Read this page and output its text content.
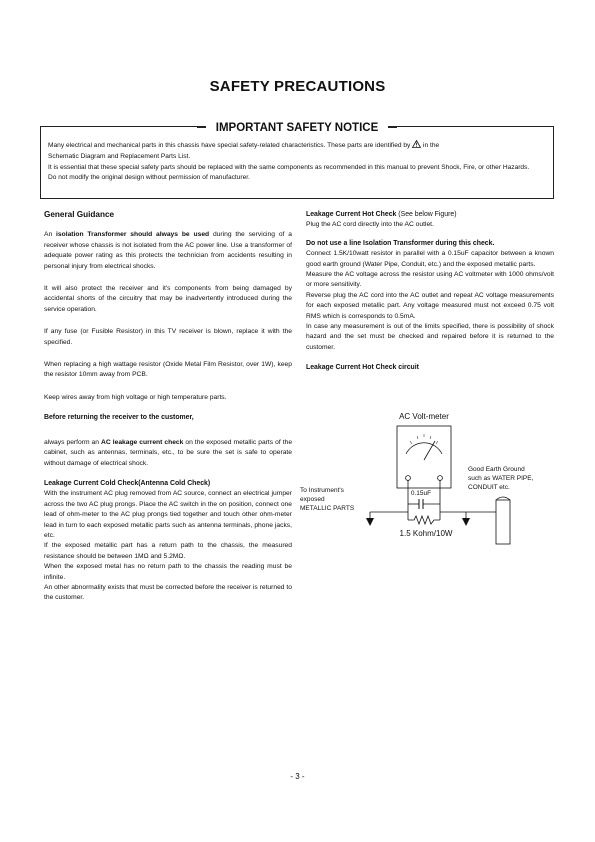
SAFETY PRECAUTIONS
IMPORTANT SAFETY NOTICE

Many electrical and mechanical parts in this chassis have special safety-related characteristics. These parts are identified by in the

Schematic Diagram and Replacement Parts List.

It is essential that these special safety parts should be replaced with the same components as recommended in this manual to prevent Shock, Fire, or other Hazards.

Do not modify the original design without permission of manufacturer.

General Guidance

An isolation Transformer should always be used during the servicing of a receiver whose chassis is not isolated from the AC power line. Use a transformer of adequate power rating as this protects the technician from accidents resulting in personal injury from electrical shocks.

It will also protect the receiver and it's components from being damaged by accidental shorts of the circuitry that may be inadvertently introduced during the service operation.

If any fuse (or Fusible Resistor) in this TV receiver is blown, replace it with the specified.

When replacing a high wattage resistor (Oxide Metal Film Resistor, over 1W), keep the resistor 10mm away from PCB.

Keep wires away from high voltage or high temperature parts.

Before returning the receiver to the customer,

always perform an AC leakage current check on the exposed metallic parts of the cabinet, such as antennas, terminals, etc., to be sure the set is safe to operate without damage of electrical shock.

Leakage Current Cold Check(Antenna Cold Check)

With the instrument AC plug removed from AC source, connect an electrical jumper across the two AC plug prongs. Place the AC switch in the on position, connect one lead of ohm-meter to the AC plug prongs tied together and touch other ohm-meter lead in turn to each exposed metallic parts such as antenna terminals, phone jacks, etc.

If the exposed metallic part has a return path to the chassis, the measured resistance should be between 1MΩ and 5.2MΩ.

When the exposed metal has no return path to the chassis the reading must be infinite.

An other abnormality exists that must be corrected before the receiver is returned to the customer.

Leakage Current Hot Check (See below Figure)

Plug the AC cord directly into the AC outlet.

Do not use a line Isolation Transformer during this check.

Connect 1.5K/10watt resistor in parallel with a 0.15uF capacitor between a known good earth ground (Water Pipe, Conduit, etc.) and the exposed metallic parts.

Measure the AC voltage across the resistor using AC voltmeter with 1000 ohms/volt or more sensitivity.

Reverse plug the AC cord into the AC outlet and repeat AC voltage measurements for each exposed metallic part. Any voltage measured must not exceed 0.75 volt RMS which is corresponds to 0.5mA.

In case any measurement is out of the limits specified, there is possibility of shock hazard and the set must be checked and repaired before it is returned to the customer.

Leakage Current Hot Check circuit
AC Volt-meter
0.15uF
1.5 Kohm/10W
To Instrument's
exposed
METALLIC PARTS
Good Earth Ground
such as WATER PIPE,
CONDUIT etc.
- 3 -
